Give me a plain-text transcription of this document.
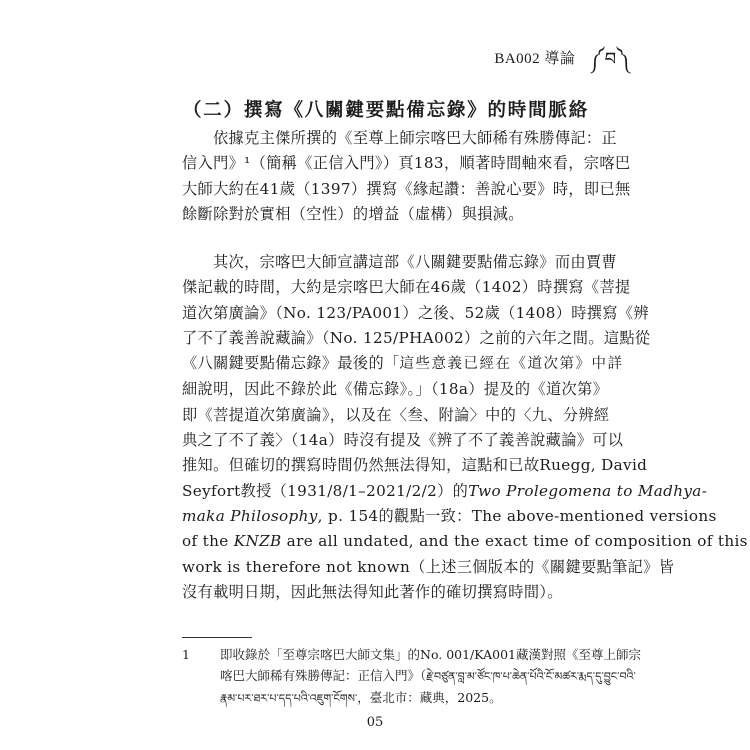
BA002 導論 ༼བ༽
（二）撰寫《八關鍵要點備忘錄》的時間脈絡
依據克主傑所撰的《至尊上師宗喀巴大師稀有殊勝傳記：正
信入門》¹（簡稱《正信入門》）頁183，順著時間軸來看，宗喀巴
大師大約在41歲（1397）撰寫《緣起讚：善說心要》時，即已無
餘斷除對於實相（空性）的增益（虛構）與損減。
其次，宗喀巴大師宣講這部《八關鍵要點備忘錄》而由賈曹
傑記載的時間，大約是宗喀巴大師在46歲（1402）時撰寫《菩提
道次第廣論》（No. 123/PA001）之後、52歲（1408）時撰寫《辨
了不了義善說藏論》（No. 125/PHA002）之前的六年之間。這點從
《八關鍵要點備忘錄》最後的「這些意義已經在《道次第》中詳
細說明，因此不錄於此《備忘錄》。」（18a）提及的《道次第》
即《菩提道次第廣論》，以及在〈叁、附論〉中的〈九、分辨經
典之了不了義〉（14a）時沒有提及《辨了不了義善說藏論》可以
推知。但確切的撰寫時間仍然無法得知，這點和已故Ruegg, David
Seyfort教授（1931/8/1–2021/2/2）的Two Prolegomena to Madhya-
maka Philosophy, p. 154的觀點一致：The above-mentioned versions
of the KNZB are all undated, and the exact time of composition of this
work is therefore not known（上述三個版本的《關鍵要點筆記》皆
沒有載明日期，因此無法得知此著作的確切撰寫時間）。
1	即收錄於「至尊宗喀巴大師文集」的No. 001/KA001藏漢對照《至尊上師宗
喀巴大師稀有殊勝傳記：正信入門》（རྗེ་བཙུན་བླ་མ་ཙོང་ཁ་པ་ཆེན་པོའི་ངོ་མཚར་རྨད་དུ་བྱུང་བའི་
རྣམ་པར་ཐར་པ་དད་པའི་འཇུག་ངོགས་，臺北市：藏典，2025。

05
